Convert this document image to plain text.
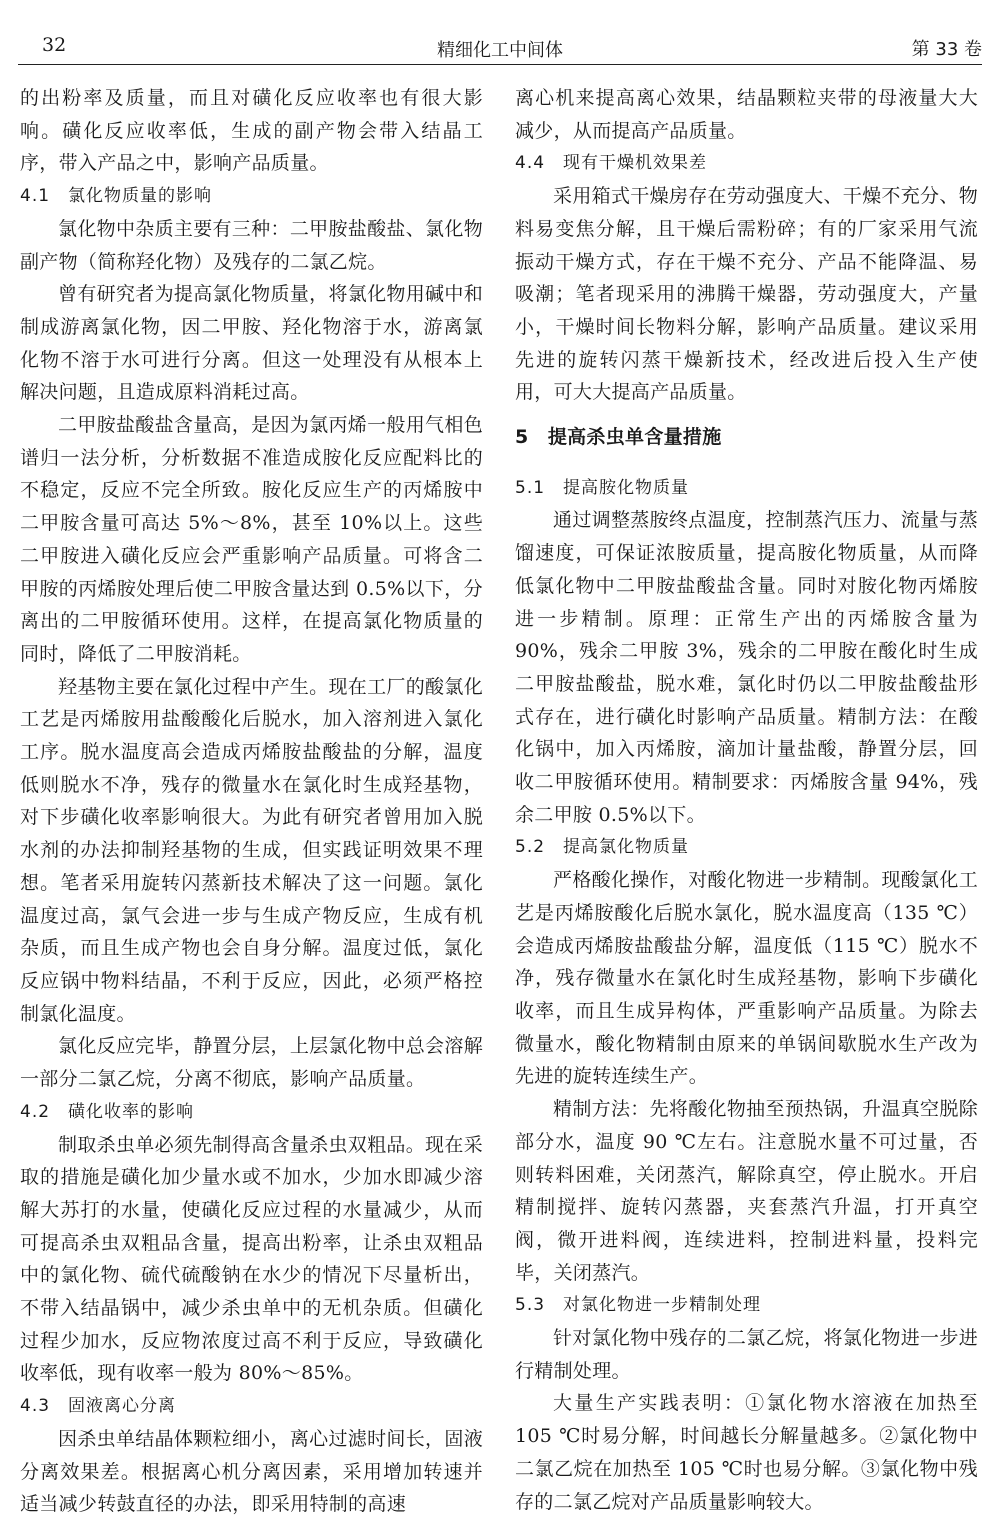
32	精细化工中间体	第 33 卷

的出粉率及质量，而且对磺化反应收率也有很大影响。磺化反应收率低，生成的副产物会带入结晶工序，带入产品之中，影响产品质量。

4.1　氯化物质量的影响

氯化物中杂质主要有三种：二甲胺盐酸盐、氯化物副产物（简称羟化物）及残存的二氯乙烷。

曾有研究者为提高氯化物质量，将氯化物用碱中和制成游离氯化物，因二甲胺、羟化物溶于水，游离氯化物不溶于水可进行分离。但这一处理没有从根本上解决问题，且造成原料消耗过高。

二甲胺盐酸盐含量高，是因为氯丙烯一般用气相色谱归一法分析，分析数据不准造成胺化反应配料比的不稳定，反应不完全所致。胺化反应生产的丙烯胺中二甲胺含量可高达 5%～8%，甚至 10%以上。这些二甲胺进入磺化反应会严重影响产品质量。可将含二甲胺的丙烯胺处理后使二甲胺含量达到 0.5%以下，分离出的二甲胺循环使用。这样，在提高氯化物质量的同时，降低了二甲胺消耗。

羟基物主要在氯化过程中产生。现在工厂的酸氯化工艺是丙烯胺用盐酸酸化后脱水，加入溶剂进入氯化工序。脱水温度高会造成丙烯胺盐酸盐的分解，温度低则脱水不净，残存的微量水在氯化时生成羟基物，对下步磺化收率影响很大。为此有研究者曾用加入脱水剂的办法抑制羟基物的生成，但实践证明效果不理想。笔者采用旋转闪蒸新技术解决了这一问题。氯化温度过高，氯气会进一步与生成产物反应，生成有机杂质，而且生成产物也会自身分解。温度过低，氯化反应锅中物料结晶，不利于反应，因此，必须严格控制氯化温度。

氯化反应完毕，静置分层，上层氯化物中总会溶解一部分二氯乙烷，分离不彻底，影响产品质量。

4.2　磺化收率的影响

制取杀虫单必须先制得高含量杀虫双粗品。现在采取的措施是磺化加少量水或不加水，少加水即减少溶解大苏打的水量，使磺化反应过程的水量减少，从而可提高杀虫双粗品含量，提高出粉率，让杀虫双粗品中的氯化物、硫代硫酸钠在水少的情况下尽量析出，不带入结晶锅中，减少杀虫单中的无机杂质。但磺化过程少加水，反应物浓度过高不利于反应，导致磺化收率低，现有收率一般为 80%～85%。

4.3　固液离心分离

因杀虫单结晶体颗粒细小，离心过滤时间长，固液分离效果差。根据离心机分离因素，采用增加转速并适当减少转鼓直径的办法，即采用特制的高速

离心机来提高离心效果，结晶颗粒夹带的母液量大大减少，从而提高产品质量。

4.4　现有干燥机效果差

采用箱式干燥房存在劳动强度大、干燥不充分、物料易变焦分解，且干燥后需粉碎；有的厂家采用气流振动干燥方式，存在干燥不充分、产品不能降温、易吸潮；笔者现采用的沸腾干燥器，劳动强度大，产量小，干燥时间长物料分解，影响产品质量。建议采用先进的旋转闪蒸干燥新技术，经改进后投入生产使用，可大大提高产品质量。

5　提高杀虫单含量措施

5.1　提高胺化物质量

通过调整蒸胺终点温度，控制蒸汽压力、流量与蒸馏速度，可保证浓胺质量，提高胺化物质量，从而降低氯化物中二甲胺盐酸盐含量。同时对胺化物丙烯胺进一步精制。原理：正常生产出的丙烯胺含量为 90%，残余二甲胺 3%，残余的二甲胺在酸化时生成二甲胺盐酸盐，脱水难，氯化时仍以二甲胺盐酸盐形式存在，进行磺化时影响产品质量。精制方法：在酸化锅中，加入丙烯胺，滴加计量盐酸，静置分层，回收二甲胺循环使用。精制要求：丙烯胺含量 94%，残余二甲胺 0.5%以下。

5.2　提高氯化物质量

严格酸化操作，对酸化物进一步精制。现酸氯化工艺是丙烯胺酸化后脱水氯化，脱水温度高（135 ℃）会造成丙烯胺盐酸盐分解，温度低（115 ℃）脱水不净，残存微量水在氯化时生成羟基物，影响下步磺化收率，而且生成异构体，严重影响产品质量。为除去微量水，酸化物精制由原来的单锅间歇脱水生产改为先进的旋转连续生产。

精制方法：先将酸化物抽至预热锅，升温真空脱除部分水，温度 90 ℃左右。注意脱水量不可过量，否则转料困难，关闭蒸汽，解除真空，停止脱水。开启精制搅拌、旋转闪蒸器，夹套蒸汽升温，打开真空阀，微开进料阀，连续进料，控制进料量，投料完毕，关闭蒸汽。

5.3　对氯化物进一步精制处理

针对氯化物中残存的二氯乙烷，将氯化物进一步进行精制处理。

大量生产实践表明：①氯化物水溶液在加热至 105 ℃时易分解，时间越长分解量越多。②氯化物中二氯乙烷在加热至 105 ℃时也易分解。③氯化物中残存的二氯乙烷对产品质量影响较大。
